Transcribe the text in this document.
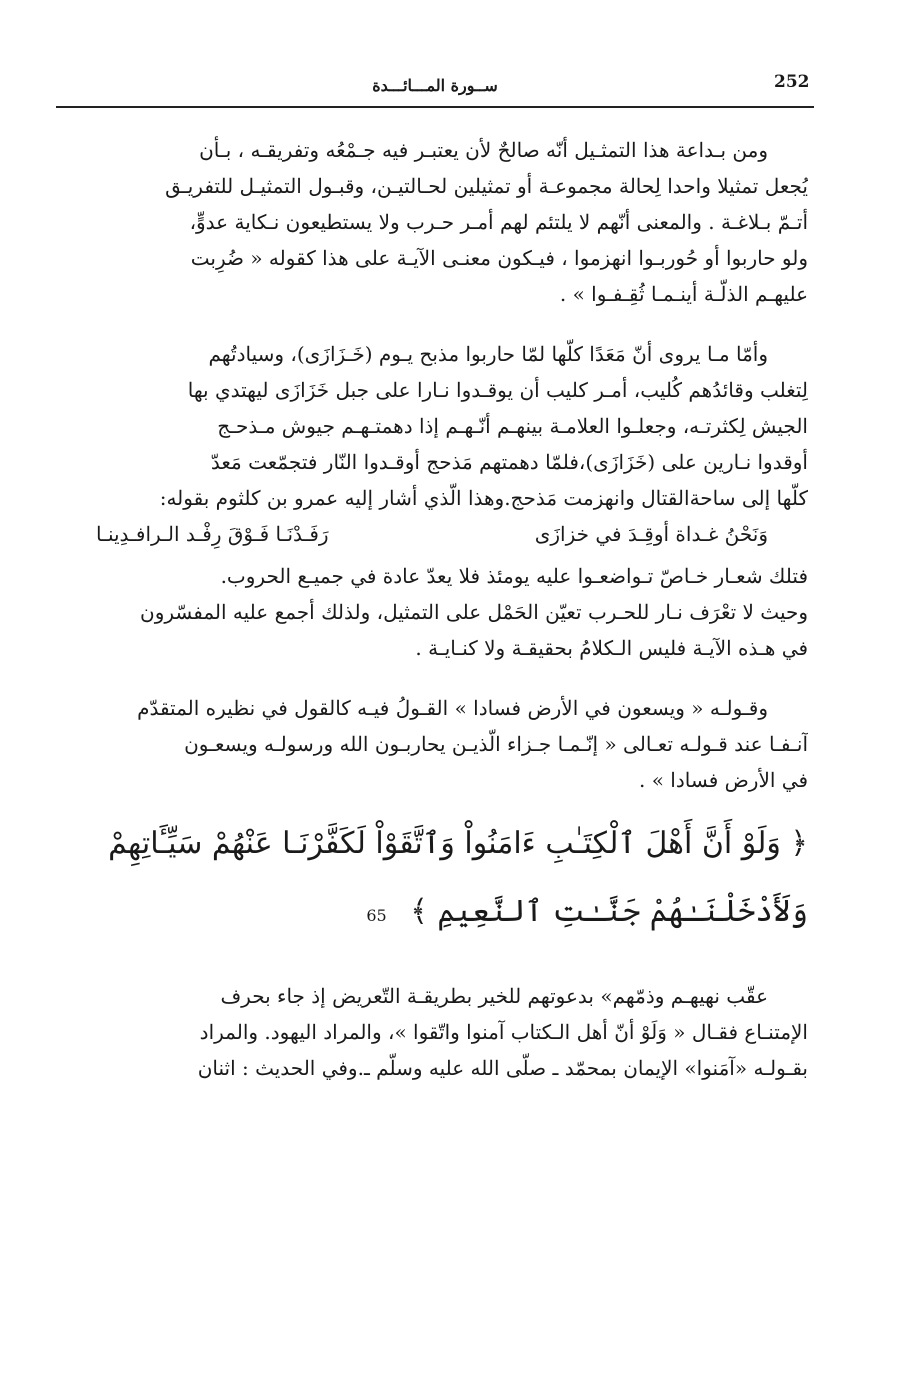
252
ســورة المـــائـــدة

ومن بـداعة هذا التمثـيل أنّه صالحٌ لأن يعتبـر فيه جـمْعُه وتفريقـه ، بـأن
يُجعل تمثيلا واحدا لِحالة مجموعـة أو تمثيلين لحـالتيـن، وقبـول التمثيـل للتفريـق
أتـمّ بـلاغـة . والمعنى أنّهم لا يلتئم لهم أمـر حـرب ولا يستطيعون نـكاية عدوٍّ،
ولو حاربوا أو حُوربـوا انهزموا ، فيـكون معنـى الآيـة على هذا كقوله « ضُرِبت
عليهـم الذلّـة أينـمـا ثُقِـفـوا » .

وأمّا مـا يروى أنّ مَعَدًا كلّها لمّا حاربوا مذبح يـوم (خَـزَازَى)، وسيادتُهم
لِتغلب وقائدُهم كُليب، أمـر كليب أن يوقـدوا نـارا على جبل خَزَازَى ليهتدي بها
الجيش لِكثرتـه، وجعلـوا العلامـة بينهـم أنّـهـم إذا دهمتـهـم جيوش مـذحـج
أوقدوا نـارين على (خَزَازَى)،فلمّا دهمتهم مَذحج أوقـدوا النّار فتجمّعت مَعدّ
كلّها إلى ساحةالقتال وانهزمت مَذحج.وهذا الّذي أشار إليه عمرو بن كلثوم بقوله:

وَنَحْنُ غـداة أوقِـدَ في خزازَى
رَفَـدْنَـا فَـوْقَ رِفْـد الـرافـدِينـا

فتلك شعـار خـاصّ تـواضعـوا عليه يومئذ فلا يعدّ عادة في جميـع الحروب.
وحيث لا تعْرَف نـار للحـرب تعيّن الحَمْل على التمثيل، ولذلك أجمع عليه المفسّرون
في هـذه الآيـة فليس الـكلامُ بحقيقـة ولا كنـايـة .

وقـولـه « ويسعون في الأرض فسادا » القـولُ فيـه كالقول في نظيره المتقدّم
آنـفـا عند قـولـه تعـالى « إنّـمـا جـزاء الّذيـن يحاربـون الله ورسولـه ويسعـون
في الأرض فسادا » .

﴿ وَلَوْ أَنَّ أَهْلَ ٱلْكِتَـٰبِ ءَامَنُواْ وَٱتَّقَوْاْ لَكَفَّرْنَـا عَنْهُمْ سَيِّـَٔاتِهِمْ
وَلَأَدْخَلْنَـٰهُمْ جَنَّـٰتِ ٱلنَّعِيمِ ﴾ 65

عقّب نهيهـم وذمّهم» بدعوتهم للخير بطريقـة التّعريض إذ جاء بحرف
الإمتنـاع فقـال « وَلَوْ أنّ أهل الـكتاب آمنوا واتّقوا »، والمراد اليهود. والمراد
بقـولـه «آمَنوا» الإيمان بمحمّد ـ صلّى الله عليه وسلّم ـ.وفي الحديث : اثنان
